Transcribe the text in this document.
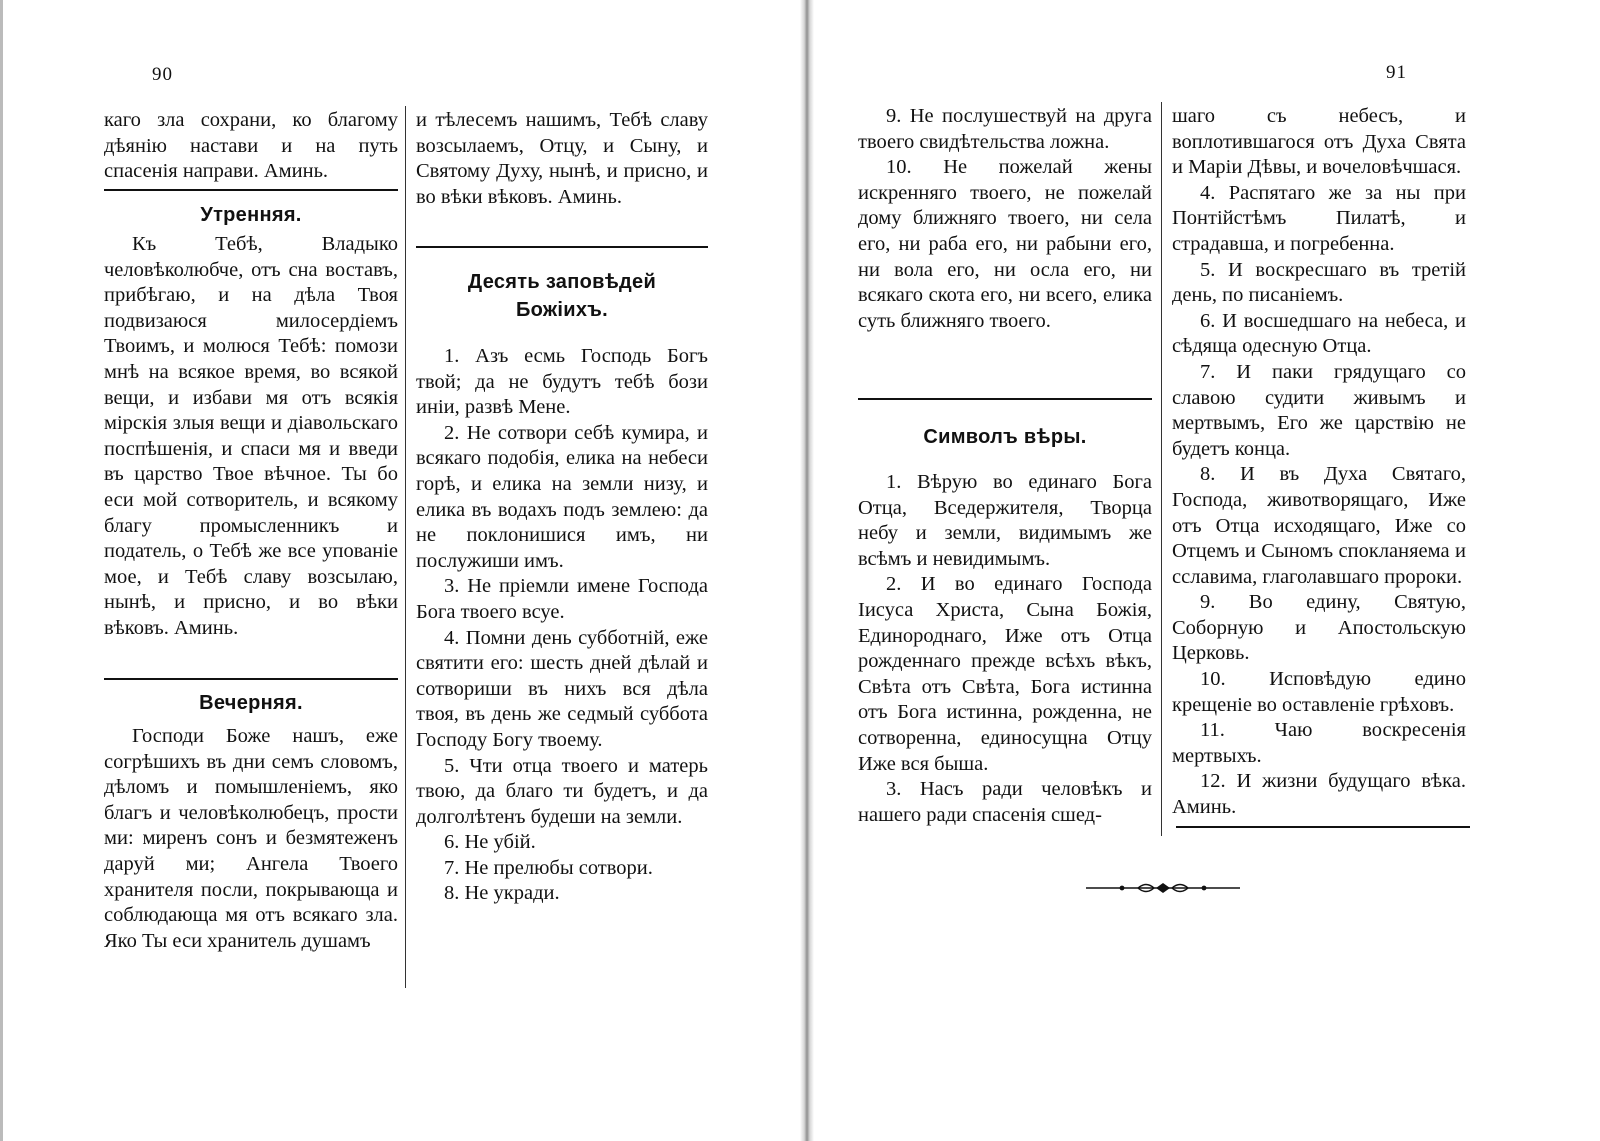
90

каго зла сохрани, ко благому дѣянію настави и на путь спасенія направи. Аминь.

Утренняя.

Къ Тебѣ, Владыко человѣколюбче, отъ сна воставъ, прибѣгаю, и на дѣла Твоя подвизаюся милосердіемъ Твоимъ, и молюся Тебѣ: помози мнѣ на всякое время, во всякой вещи, и избави мя отъ всякія мірскія злыя вещи и діавольскаго поспѣшенія, и спаси мя и введи въ царство Твое вѣчное. Ты бо еси мой сотворитель, и всякому благу промысленникъ и податель, о Тебѣ же все упованіе мое, и Тебѣ славу возсылаю, нынѣ, и присно, и во вѣки вѣковъ. Аминь.

Вечерняя.

Господи Боже нашъ, еже согрѣшихъ въ дни семъ словомъ, дѣломъ и помышленіемъ, яко благъ и человѣколюбецъ, прости ми: миренъ сонъ и безмятеженъ даруй ми; Ангела Твоего хранителя посли, покрывающа и соблюдающа мя отъ всякаго зла. Яко Ты еси хранитель душамъ

и тѣлесемъ нашимъ, Тебѣ славу возсылаемъ, Отцу, и Сыну, и Святому Духу, нынѣ, и присно, и во вѣки вѣковъ. Аминь.

Десять заповѣдей Божіихъ.

1. Азъ есмь Господь Богъ твой; да не будутъ тебѣ бози иніи, развѣ Мене.

2. Не сотвори себѣ кумира, и всякаго подобія, елика на небеси горѣ, и елика на земли низу, и елика въ водахъ подъ землею: да не поклонишися имъ, ни послужиши имъ.

3. Не пріемли имене Господа Бога твоего всуе.

4. Помни день субботній, еже святити его: шесть дней дѣлай и сотвориши въ нихъ вся дѣла твоя, въ день же седмый суббота Господу Богу твоему.

5. Чти отца твоего и матерь твою, да благо ти будетъ, и да долголѣтенъ будеши на земли.

6. Не убій.

7. Не прелюбы сотвори.

8. Не укради.

91

9. Не послушествуй на друга твоего свидѣтельства ложна.

10. Не пожелай жены искренняго твоего, не пожелай дому ближняго твоего, ни села его, ни раба его, ни рабыни его, ни вола его, ни осла его, ни всякаго скота его, ни всего, елика суть ближняго твоего.

Символъ вѣры.

1. Вѣрую во единаго Бога Отца, Вседержителя, Творца небу и земли, видимымъ же всѣмъ и невидимымъ.

2. И во единаго Господа Іисуса Христа, Сына Божія, Единороднаго, Иже отъ Отца рожденнаго прежде всѣхъ вѣкъ, Свѣта отъ Свѣта, Бога истинна отъ Бога истинна, рожденна, не сотворенна, единосущна Отцу Иже вся быша.

3. Насъ ради человѣкъ и нашего ради спасенія сшед-

шаго съ небесъ, и воплотившагося отъ Духа Свята и Маріи Дѣвы, и вочеловѣчшася.

4. Распятаго же за ны при Понтійстѣмъ Пилатѣ, и страдавша, и погребенна.

5. И воскресшаго въ третій день, по писаніемъ.

6. И восшедшаго на небеса, и сѣдяща одесную Отца.

7. И паки грядущаго со славою судити живымъ и мертвымъ, Его же царствію не будетъ конца.

8. И въ Духа Святаго, Господа, животворящаго, Иже отъ Отца исходящаго, Иже со Отцемъ и Сыномъ спокланяема и сславима, глаголавшаго пророки.

9. Во едину, Святую, Соборную и Апостольскую Церковь.

10. Исповѣдую едино крещеніе во оставленіе грѣховъ.

11. Чаю воскресенія мертвыхъ.

12. И жизни будущаго вѣка. Аминь.
